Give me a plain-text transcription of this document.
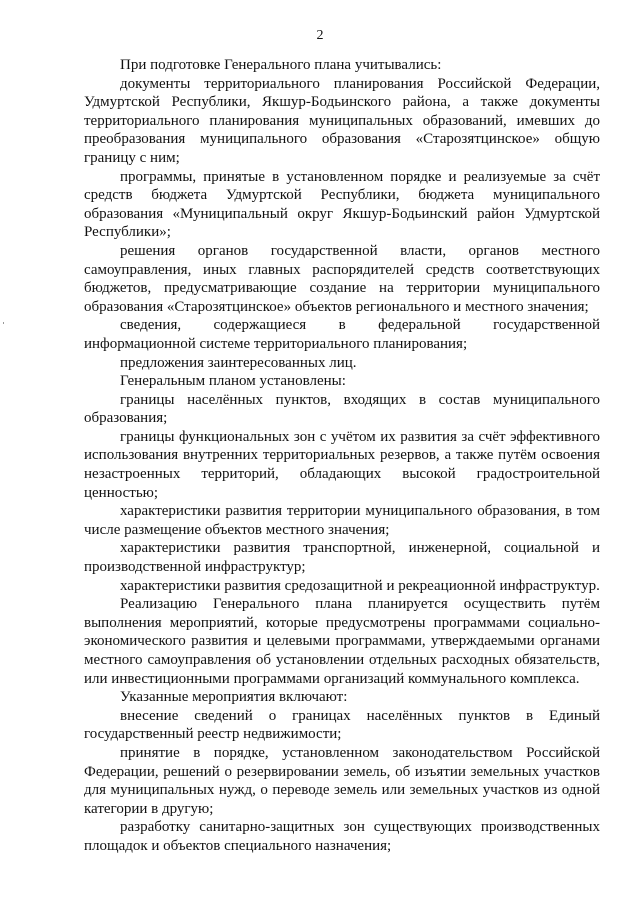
2

При подготовке Генерального плана учитывались:

документы территориального планирования Российской Федерации, Удмуртской Республики, Якшур-Бодьинского района, а также документы территориального планирования муниципальных образований, имевших до преобразования муниципального образования «Старозятцинское» общую границу с ним;

программы, принятые в установленном порядке и реализуемые за счёт средств бюджета Удмуртской Республики, бюджета муниципального образования «Муниципальный округ Якшур-Бодьинский район Удмуртской Республики»;

решения органов государственной власти, органов местного самоуправления, иных главных распорядителей средств соответствующих бюджетов, предусматривающие создание на территории муниципального образования «Старозятцинское» объектов регионального и местного значения;

сведения, содержащиеся в федеральной государственной информационной системе территориального планирования;

предложения заинтересованных лиц.

Генеральным планом установлены:

границы населённых пунктов, входящих в состав муниципального образования;

границы функциональных зон с учётом их развития за счёт эффективного использования внутренних территориальных резервов, а также путём освоения незастроенных территорий, обладающих высокой градостроительной ценностью;

характеристики развития территории муниципального образования, в том числе размещение объектов местного значения;

характеристики развития транспортной, инженерной, социальной и производственной инфраструктур;

характеристики развития средозащитной и рекреационной инфраструктур.

Реализацию Генерального плана планируется осуществить путём выполнения мероприятий, которые предусмотрены программами социально-экономического развития и целевыми программами, утверждаемыми органами местного самоуправления об установлении отдельных расходных обязательств, или инвестиционными программами организаций коммунального комплекса.

Указанные мероприятия включают:

внесение сведений о границах населённых пунктов в Единый государственный реестр недвижимости;

принятие в порядке, установленном законодательством Российской Федерации, решений о резервировании земель, об изъятии земельных участков для муниципальных нужд, о переводе земель или земельных участков из одной категории в другую;

разработку санитарно-защитных зон существующих производственных площадок и объектов специального назначения;
